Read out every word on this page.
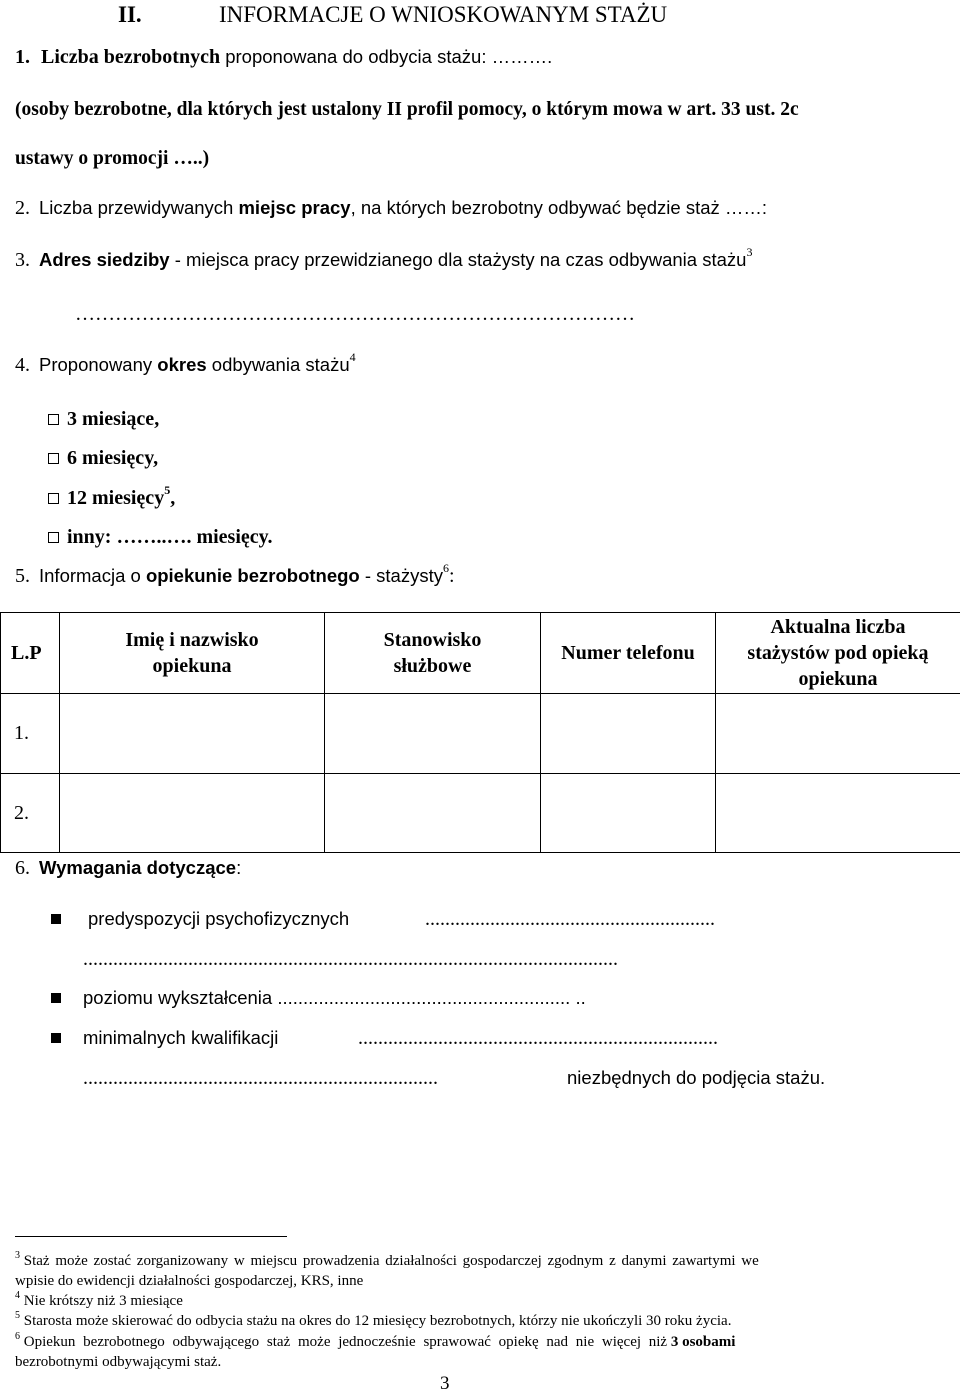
II.	INFORMACJE O WNIOSKOWANYM STAŻU
1. Liczba bezrobotnych proponowana do odbycia stażu: ……….
(osoby bezrobotne, dla których jest ustalony II profil pomocy, o którym mowa w art. 33 ust. 2c
ustawy o promocji …..)
2. Liczba przewidywanych miejsc pracy, na których bezrobotny odbywać będzie staż ……:
3. Adres siedziby - miejsca pracy przewidzianego dla stażysty na czas odbywania stażu$^3$
…………………………………………………………………………
4. Proponowany okres odbywania stażu$^4$
3 miesiące,
6 miesięcy,
12 miesięcy$^5$,
inny: ……..…. miesięcy.
5. Informacja o opiekunie bezrobotnego - stażysty$^6$:
L.P	Imię i nazwisko opiekuna	Stanowisko służbowe	Numer telefonu	Aktualna liczba stażystów pod opieką opiekuna
1.				
2.				
6. Wymagania dotyczące:
predyspozycji psychofizycznych	..........................................................
...........................................................................................................
poziomu wykształcenia ......................................................... ..
minimalnych kwalifikacji	........................................................................
.......................................................................	niezbędnych do podjęcia stażu.
$^3$ Staż może zostać zorganizowany w miejscu prowadzenia działalności gospodarczej zgodnym z danymi zawartymi we
wpisie do ewidencji działalności gospodarczej, KRS, inne
$^4$ Nie krótszy niż 3 miesiące
$^5$ Starosta może skierować do odbycia stażu na okres do 12 miesięcy bezrobotnych, którzy nie ukończyli 30 roku życia.
$^6$ Opiekun bezrobotnego odbywającego staż może jednocześnie sprawować opiekę nad nie więcej niż 3 osobami
bezrobotnymi odbywającymi staż.
3
